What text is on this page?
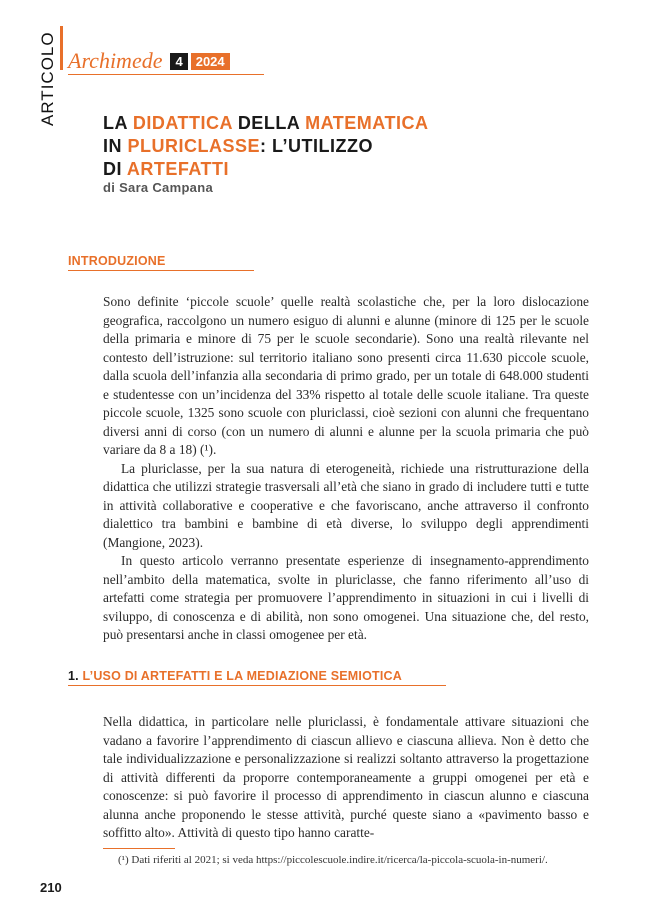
ARTICOLO Archimede	4	2024
LA DIDATTICA DELLA MATEMATICA
IN PLURICLASSE: L’UTILIZZO
DI ARTEFATTI
di Sara Campana
INTRODUZIONE

Sono definite ‘piccole scuole’ quelle realtà scolastiche che, per la loro dislocazione geografica, raccolgono un numero esiguo di alunni e alunne (minore di 125 per le scuole della primaria e minore di 75 per le scuole secondarie). Sono una realtà rilevante nel contesto dell’istruzione: sul territorio italiano sono presenti circa 11.630 piccole scuole, dalla scuola dell’infanzia alla secondaria di primo grado, per un totale di 648.000 studenti e studentesse con un’incidenza del 33% rispetto al totale delle scuole italiane. Tra queste piccole scuole, 1325 sono scuole con pluriclassi, cioè sezioni con alunni che frequentano diversi anni di corso (con un numero di alunni e alunne per la scuola primaria che può variare da 8 a 18) (¹).

La pluriclasse, per la sua natura di eterogeneità, richiede una ristrutturazione della didattica che utilizzi strategie trasversali all’età che siano in grado di includere tutti e tutte in attività collaborative e cooperative e che favoriscano, anche attraverso il confronto dialettico tra bambini e bambine di età diverse, lo sviluppo degli apprendimenti (Mangione, 2023).

In questo articolo verranno presentate esperienze di insegnamento-apprendimento nell’ambito della matematica, svolte in pluriclasse, che fanno riferimento all’uso di artefatti come strategia per promuovere l’apprendimento in situazioni in cui i livelli di sviluppo, di conoscenza e di abilità, non sono omogenei. Una situazione che, del resto, può presentarsi anche in classi omogenee per età.

1. L’USO DI ARTEFATTI E LA MEDIAZIONE SEMIOTICA

Nella didattica, in particolare nelle pluriclassi, è fondamentale attivare situazioni che vadano a favorire l’apprendimento di ciascun allievo e ciascuna allieva. Non è detto che tale individualizzazione e personalizzazione si realizzi soltanto attraverso la progettazione di attività differenti da proporre contemporaneamente a gruppi omogenei per età e conoscenze: si può favorire il processo di apprendimento in ciascun alunno e ciascuna alunna anche proponendo le stesse attività, purché queste siano a «pavimento basso e soffitto alto». Attività di questo tipo hanno caratte-

(¹) Dati riferiti al 2021; si veda https://piccolescuole.indire.it/ricerca/la-piccola-scuola-in-numeri/.
210
